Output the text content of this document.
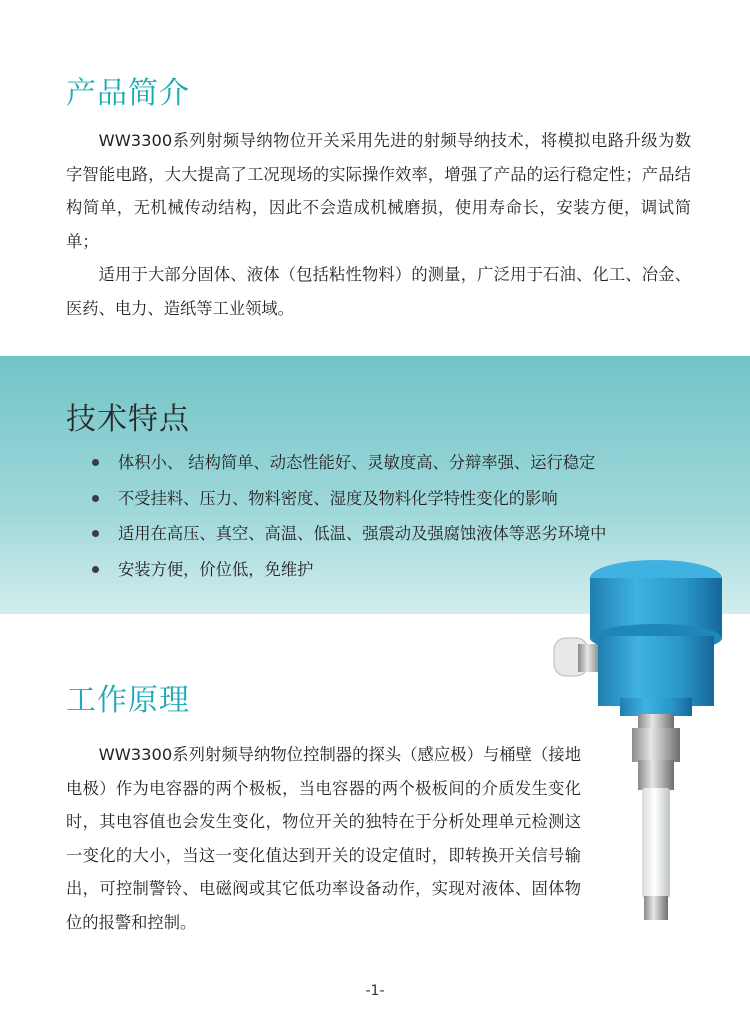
产品简介

WW3300系列射频导纳物位开关采用先进的射频导纳技术，将模拟电路升级为数字智能电路，大大提高了工况现场的实际操作效率，增强了产品的运行稳定性；产品结构简单，无机械传动结构，因此不会造成机械磨损，使用寿命长，安装方便，调试简单；

适用于大部分固体、液体（包括粘性物料）的测量，广泛用于石油、化工、冶金、医药、电力、造纸等工业领域。

技术特点
体积小、 结构简单、动态性能好、灵敏度高、分辩率强、运行稳定
不受挂料、压力、物料密度、湿度及物料化学特性变化的影响
适用在高压、真空、高温、低温、强震动及强腐蚀液体等恶劣环境中
安装方便，价位低，免维护
工作原理

WW3300系列射频导纳物位控制器的探头（感应极）与桶壁（接地电极）作为电容器的两个极板，当电容器的两个极板间的介质发生变化时，其电容值也会发生变化，物位开关的独特在于分析处理单元检测这一变化的大小，当这一变化值达到开关的设定值时，即转换开关信号输出，可控制警铃、电磁阀或其它低功率设备动作，实现对液体、固体物位的报警和控制。

-1-
